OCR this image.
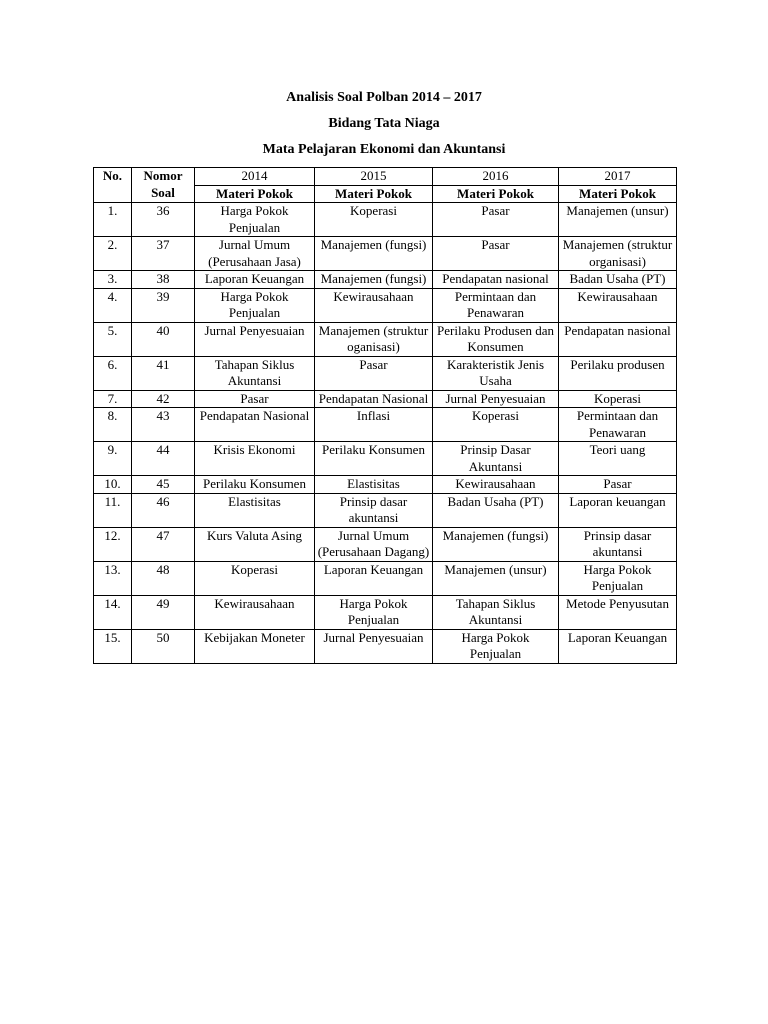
Analisis Soal Polban 2014 – 2017
Bidang Tata Niaga
Mata Pelajaran Ekonomi dan Akuntansi
No.	Nomor Soal	2014	2015	2016	2017
		Materi Pokok	Materi Pokok	Materi Pokok	Materi Pokok
1.	36	Harga Pokok Penjualan	Koperasi	Pasar	Manajemen (unsur)
2.	37	Jurnal Umum (Perusahaan Jasa)	Manajemen (fungsi)	Pasar	Manajemen (struktur organisasi)
3.	38	Laporan Keuangan	Manajemen (fungsi)	Pendapatan nasional	Badan Usaha (PT)
4.	39	Harga Pokok Penjualan	Kewirausahaan	Permintaan dan Penawaran	Kewirausahaan
5.	40	Jurnal Penyesuaian	Manajemen (struktur oganisasi)	Perilaku Produsen dan Konsumen	Pendapatan nasional
6.	41	Tahapan Siklus Akuntansi	Pasar	Karakteristik Jenis Usaha	Perilaku produsen
7.	42	Pasar	Pendapatan Nasional	Jurnal Penyesuaian	Koperasi
8.	43	Pendapatan Nasional	Inflasi	Koperasi	Permintaan dan Penawaran
9.	44	Krisis Ekonomi	Perilaku Konsumen	Prinsip Dasar Akuntansi	Teori uang
10.	45	Perilaku Konsumen	Elastisitas	Kewirausahaan	Pasar
11.	46	Elastisitas	Prinsip dasar akuntansi	Badan Usaha (PT)	Laporan keuangan
12.	47	Kurs Valuta Asing	Jurnal Umum (Perusahaan Dagang)	Manajemen (fungsi)	Prinsip dasar akuntansi
13.	48	Koperasi	Laporan Keuangan	Manajemen (unsur)	Harga Pokok Penjualan
14.	49	Kewirausahaan	Harga Pokok Penjualan	Tahapan Siklus Akuntansi	Metode Penyusutan
15.	50	Kebijakan Moneter	Jurnal Penyesuaian	Harga Pokok Penjualan	Laporan Keuangan
